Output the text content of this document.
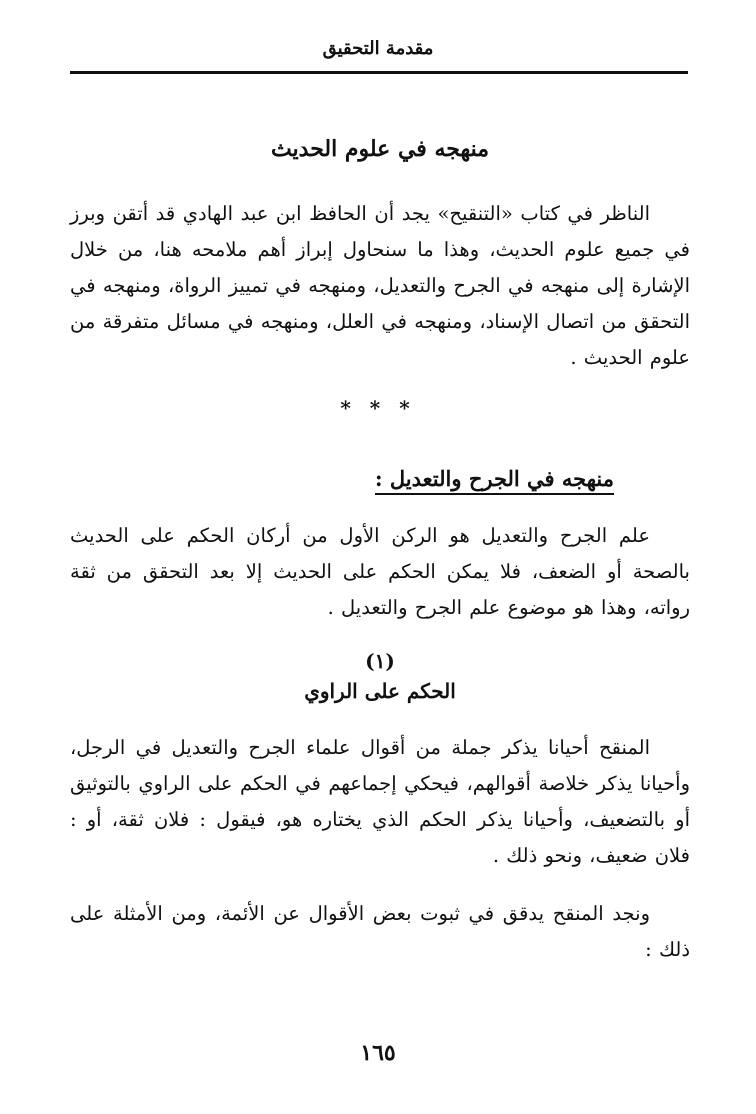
مقدمة التحقيق
منهجه في علوم الحديث
الناظر في كتاب «التنقيح» يجد أن الحافظ ابن عبد الهادي قد أتقن وبرز في جميع علوم الحديث، وهذا ما سنحاول إبراز أهم ملامحه هنا، من خلال الإشارة إلى منهجه في الجرح والتعديل، ومنهجه في تمييز الرواة، ومنهجه في التحقق من اتصال الإسناد، ومنهجه في العلل، ومنهجه في مسائل متفرقة من علوم الحديث .
* * *
منهجه في الجرح والتعديل :
علم الجرح والتعديل هو الركن الأول من أركان الحكم على الحديث بالصحة أو الضعف، فلا يمكن الحكم على الحديث إلا بعد التحقق من ثقة رواته، وهذا هو موضوع علم الجرح والتعديل .
(١)
الحكم على الراوي
المنقح أحيانا يذكر جملة من أقوال علماء الجرح والتعديل في الرجل، وأحيانا يذكر خلاصة أقوالهم، فيحكي إجماعهم في الحكم على الراوي بالتوثيق أو بالتضعيف، وأحيانا يذكر الحكم الذي يختاره هو، فيقول : فلان ثقة، أو : فلان ضعيف، ونحو ذلك .
ونجد المنقح يدقق في ثبوت بعض الأقوال عن الأئمة، ومن الأمثلة على ذلك :
١٦٥
